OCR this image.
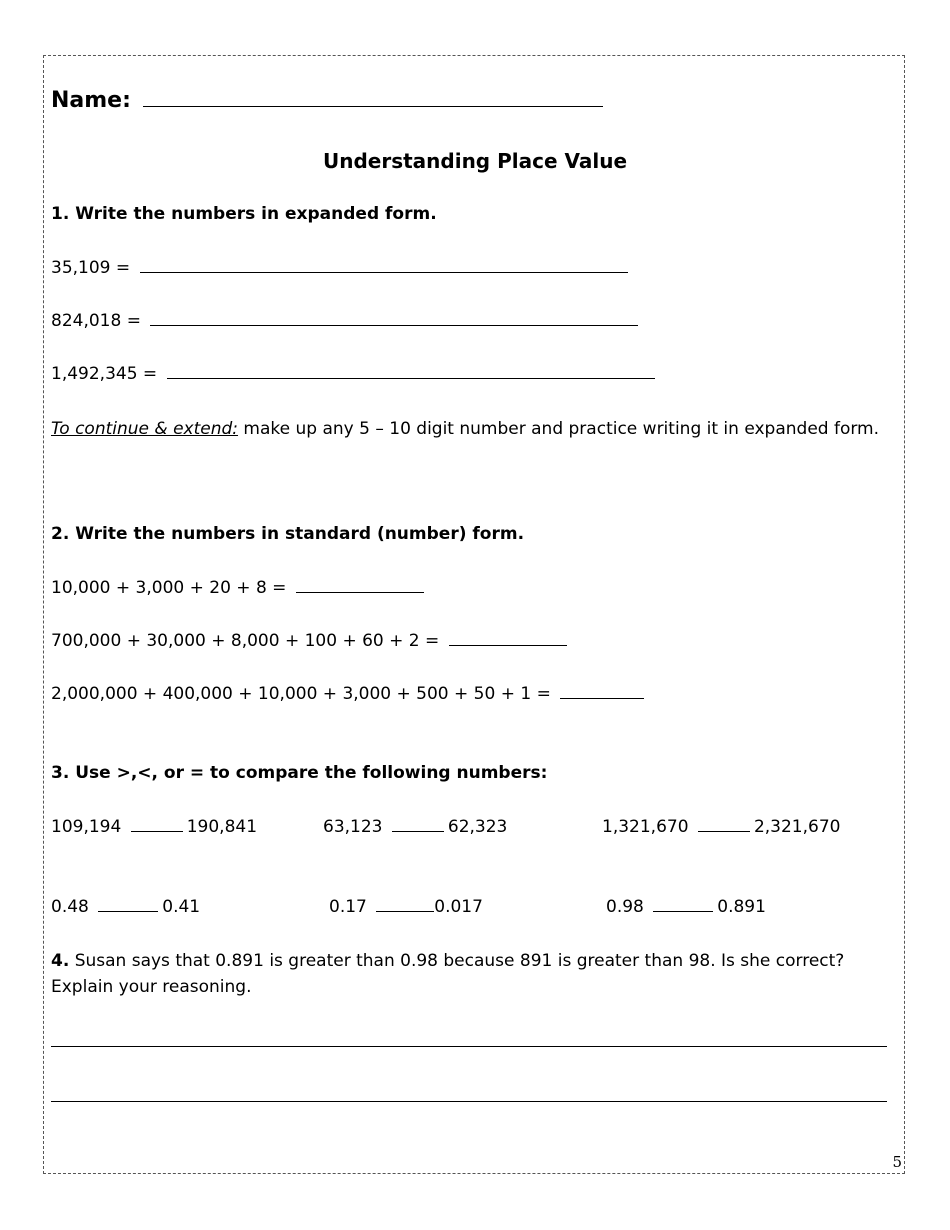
Name:
Understanding Place Value
1. Write the numbers in expanded form.
35,109 =
824,018 =
1,492,345 =
To continue & extend: make up any 5 – 10 digit number and practice writing it in expanded form.
2. Write the numbers in standard (number) form.
10,000 + 3,000 + 20 + 8 =
700,000 + 30,000 + 8,000 + 100 + 60 + 2 =
2,000,000 + 400,000 + 10,000 + 3,000 + 500 + 50 + 1 =
3. Use >,<, or = to compare the following numbers:
109,194	190,841	63,123	62,323	1,321,670	2,321,670
0.48	0.41	0.17	0.017	0.98	0.891
4. Susan says that 0.891 is greater than 0.98 because 891 is greater than 98. Is she correct? Explain your reasoning.
5
